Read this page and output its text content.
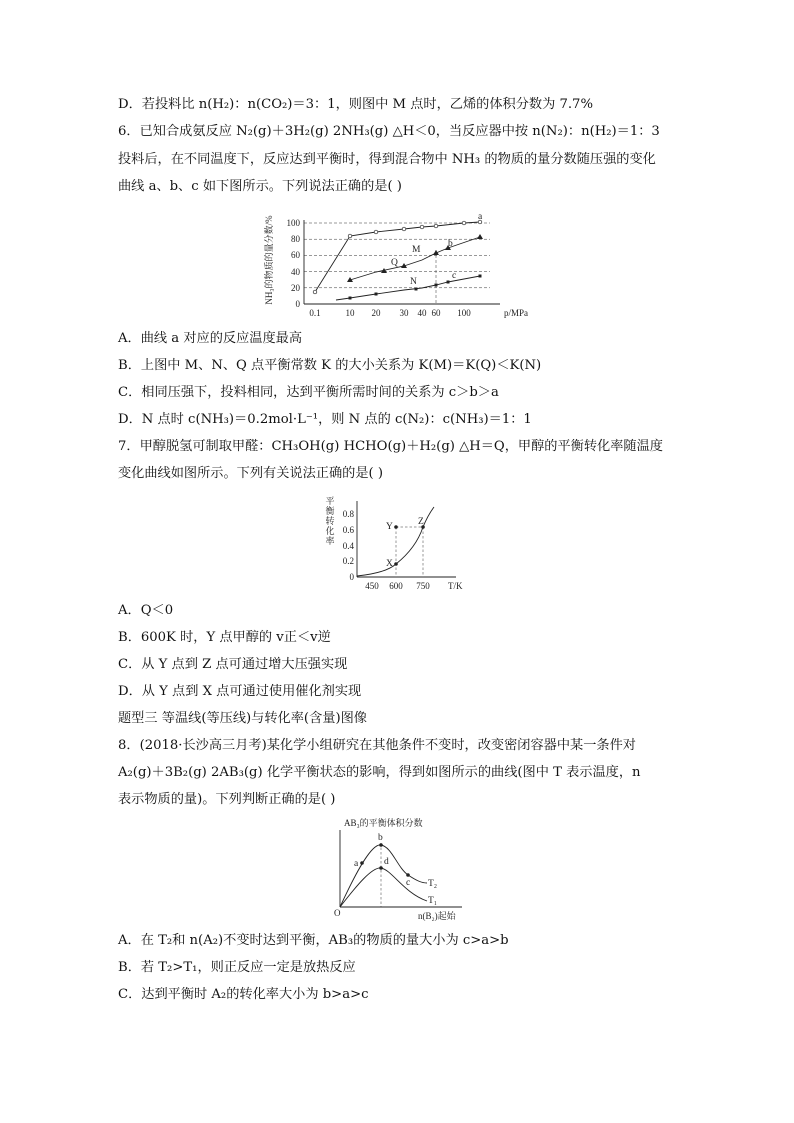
D．若投料比 n(H₂)：n(CO₂)＝3：1，则图中 M 点时，乙烯的体积分数为 7.7%
6．已知合成氨反应 N₂(g)＋3H₂(g) 2NH₃(g) △H＜0，当反应器中按 n(N₂)：n(H₂)＝1：3
投料后，在不同温度下，反应达到平衡时，得到混合物中 NH₃ 的物质的量分数随压强的变化
曲线 a、b、c 如下图所示。下列说法正确的是( )
NH₃的物质的量分数/% 0
20
40
60
80
100
0.1	10 20 30 40 60 100	p/MPa
a
b
c
M
Q
N
A．曲线 a 对应的反应温度最高
B．上图中 M、N、Q 点平衡常数 K 的大小关系为 K(M)＝K(Q)＜K(N)
C．相同压强下，投料相同，达到平衡所需时间的关系为 c＞b＞a
D．N 点时 c(NH₃)＝0.2mol·L⁻¹，则 N 点的 c(N₂)：c(NH₃)＝1：1
7．甲醇脱氢可制取甲醛：CH₃OH(g) HCHO(g)＋H₂(g) △H＝Q，甲醇的平衡转化率随温度
变化曲线如图所示。下列有关说法正确的是( )
平
衡
转
化
率
0
0.2
0.4
0.6
0.8
450 600 750 T/K
X
Y	Z
A．Q＜0
B．600K 时，Y 点甲醇的 v正＜v逆
C．从 Y 点到 Z 点可通过增大压强实现
D．从 Y 点到 X 点可通过使用催化剂实现
题型三 等温线(等压线)与转化率(含量)图像
8．(2018·长沙高三月考)某化学小组研究在其他条件不变时，改变密闭容器中某一条件对
A₂(g)＋3B₂(g) 2AB₃(g) 化学平衡状态的影响，得到如图所示的曲线(图中 T 表示温度，n
表示物质的量)。下列判断正确的是( )
AB₃的平衡体积分数
O	n(B₂)起始
a
b
c
d
T₂
T₁
A．在 T₂和 n(A₂)不变时达到平衡，AB₃的物质的量大小为 c>a>b
B．若 T₂>T₁，则正反应一定是放热反应
C．达到平衡时 A₂的转化率大小为 b>a>c
